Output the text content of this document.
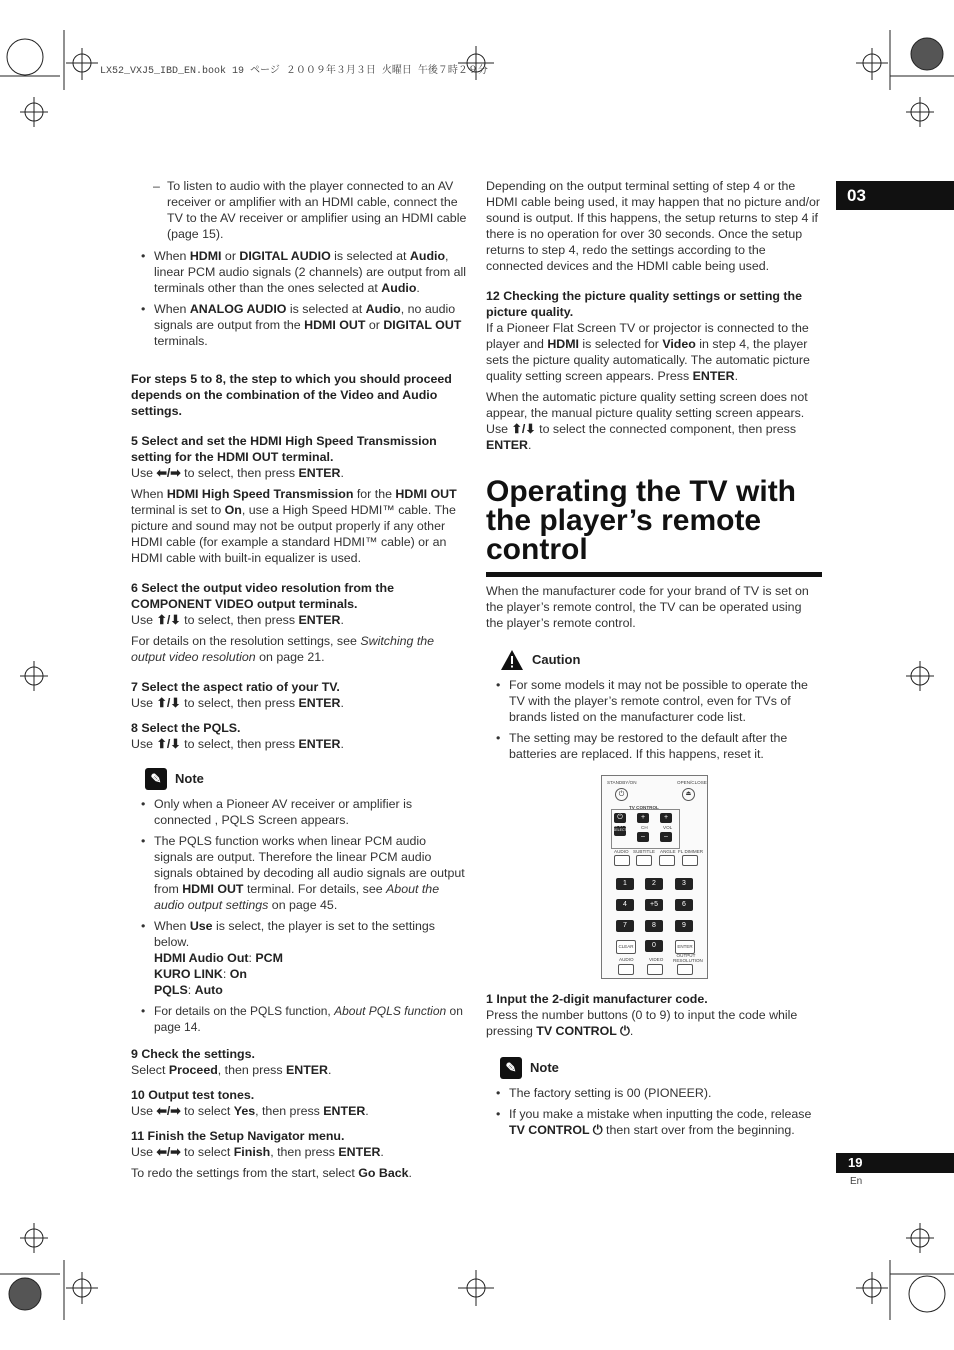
LX52_VXJ5_IBD_EN.book 19 ページ ２００９年３月３日 火曜日 午後７時２９分
03
19
En

– To listen to audio with the player connected to an AV receiver or amplifier with an HDMI cable, connect the TV to the AV receiver or amplifier using an HDMI cable (page 15).

• When HDMI or DIGITAL AUDIO is selected at Audio, linear PCM audio signals (2 channels) are output from all terminals other than the ones selected at Audio.
• When ANALOG AUDIO is selected at Audio, no audio signals are output from the HDMI OUT or DIGITAL OUT terminals.

For steps 5 to 8, the step to which you should proceed depends on the combination of the Video and Audio settings.

5 Select and set the HDMI High Speed Transmission setting for the HDMI OUT terminal.

Use ⬅/➡ to select, then press ENTER.

When HDMI High Speed Transmission for the HDMI OUT terminal is set to On, use a High Speed HDMI™ cable. The picture and sound may not be output properly if any other HDMI cable (for example a standard HDMI™ cable) or an HDMI cable with built-in equalizer is used.

6 Select the output video resolution from the COMPONENT VIDEO output terminals.

Use ⬆/⬇ to select, then press ENTER.

For details on the resolution settings, see Switching the output video resolution on page 21.

7 Select the aspect ratio of your TV.

Use ⬆/⬇ to select, then press ENTER.

8 Select the PQLS.

Use ⬆/⬇ to select, then press ENTER.

✎	Note
• Only when a Pioneer AV receiver or amplifier is connected , PQLS Screen appears.
• The PQLS function works when linear PCM audio signals are output. Therefore the linear PCM audio signals obtained by decoding all audio signals are output from HDMI OUT terminal. For details, see About the audio output settings on page 45.
• When Use is select, the player is set to the settings below.
HDMI Audio Out: PCM
KURO LINK: On
PQLS: Auto
• For details on the PQLS function, About PQLS function on page 14.

9 Check the settings.

Select Proceed, then press ENTER.

10 Output test tones.

Use ⬅/➡ to select Yes, then press ENTER.

11 Finish the Setup Navigator menu.

Use ⬅/➡ to select Finish, then press ENTER.

To redo the settings from the start, select Go Back.

Depending on the output terminal setting of step 4 or the HDMI cable being used, it may happen that no picture and/or sound is output. If this happens, the setup returns to step 4 if there is no operation for over 30 seconds. Once the setup returns to step 4, redo the settings according to the connected devices and the HDMI cable being used.

12 Checking the picture quality settings or setting the picture quality.

If a Pioneer Flat Screen TV or projector is connected to the player and HDMI is selected for Video in step 4, the player sets the picture quality automatically. The automatic picture quality setting screen appears. Press ENTER.

When the automatic picture quality setting screen does not appear, the manual picture quality setting screen appears. Use ⬆/⬇ to select the connected component, then press ENTER.

Operating the TV with the player’s remote control

When the manufacturer code for your brand of TV is set on the player’s remote control, the TV can be operated using the player’s remote control.

Caution
• For some models it may not be possible to operate the TV with the player’s remote control, even for TVs of brands listed on the manufacturer code list.
• The setting may be restored to the default after the batteries are replaced. If this happens, reset it.
STANDBY/ON	OPEN/CLOSE
⏻	⏏
TV CONTROL
⏻	+
–
+
–
INPUT SELECT	CH	VOL
AUDIO SUBTITLE ANGLE FL DIMMER
1	2	3
4	+5	6
7	8	9
CLEAR	0	ENTER
AUDIO	VIDEO
OUTPUT RESOLUTION

1 Input the 2-digit manufacturer code.

Press the number buttons (0 to 9) to input the code while pressing TV CONTROL ⏻.

✎	Note
• The factory setting is 00 (PIONEER).
• If you make a mistake when inputting the code, release TV CONTROL ⏻ then start over from the beginning.
